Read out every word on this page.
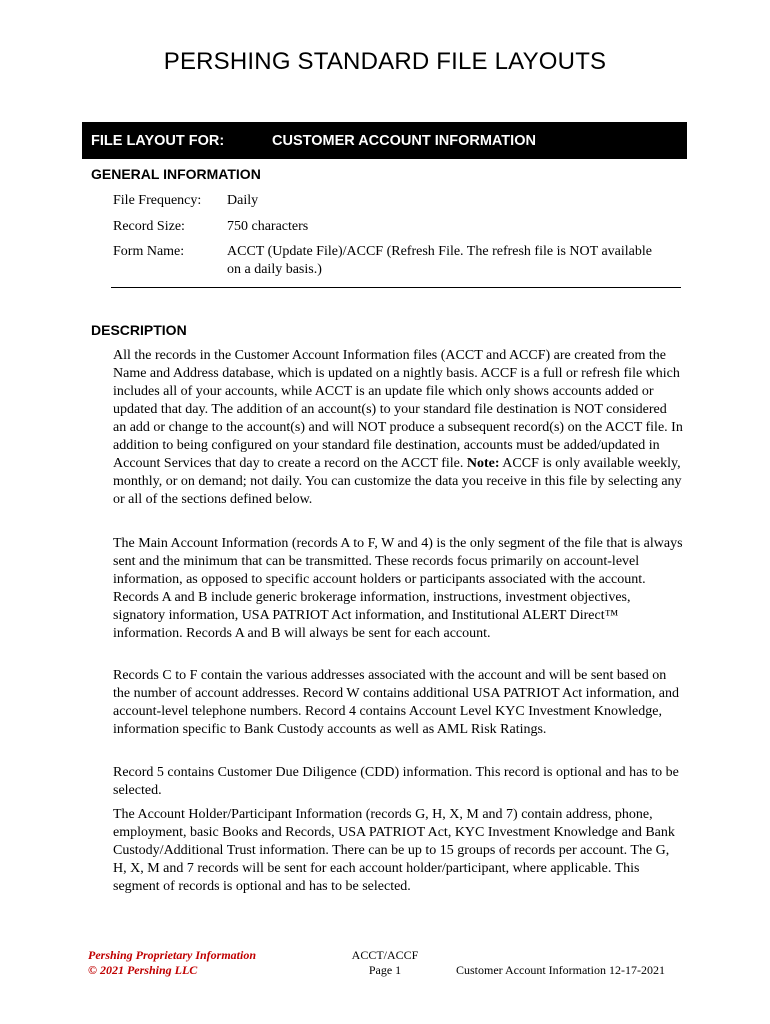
PERSHING STANDARD FILE LAYOUTS
FILE LAYOUT FOR:	CUSTOMER ACCOUNT INFORMATION
GENERAL INFORMATION
File Frequency:	Daily
Record Size:	750 characters
Form Name:	ACCT (Update File)/ACCF (Refresh File. The refresh file is NOT available on a daily basis.)
DESCRIPTION

All the records in the Customer Account Information files (ACCT and ACCF) are created from the Name and Address database, which is updated on a nightly basis. ACCF is a full or refresh file which includes all of your accounts, while ACCT is an update file which only shows accounts added or updated that day. The addition of an account(s) to your standard file destination is NOT considered an add or change to the account(s) and will NOT produce a subsequent record(s) on the ACCT file. In addition to being configured on your standard file destination, accounts must be added/updated in Account Services that day to create a record on the ACCT file. Note: ACCF is only available weekly, monthly, or on demand; not daily. You can customize the data you receive in this file by selecting any or all of the sections defined below.

The Main Account Information (records A to F, W and 4) is the only segment of the file that is always sent and the minimum that can be transmitted. These records focus primarily on account-level information, as opposed to specific account holders or participants associated with the account. Records A and B include generic brokerage information, instructions, investment objectives, signatory information, USA PATRIOT Act information, and Institutional ALERT Direct™ information. Records A and B will always be sent for each account.

Records C to F contain the various addresses associated with the account and will be sent based on the number of account addresses. Record W contains additional USA PATRIOT Act information, and account-level telephone numbers. Record 4 contains Account Level KYC Investment Knowledge, information specific to Bank Custody accounts as well as AML Risk Ratings.

Record 5 contains Customer Due Diligence (CDD) information. This record is optional and has to be selected.

The Account Holder/Participant Information (records G, H, X, M and 7) contain address, phone, employment, basic Books and Records, USA PATRIOT Act, KYC Investment Knowledge and Bank Custody/Additional Trust information. There can be up to 15 groups of records per account. The G, H, X, M and 7 records will be sent for each account holder/participant, where applicable. This segment of records is optional and has to be selected.

Pershing Proprietary Information
© 2021 Pershing LLC
ACCT/ACCF
Page 1	Customer Account Information 12-17-2021
